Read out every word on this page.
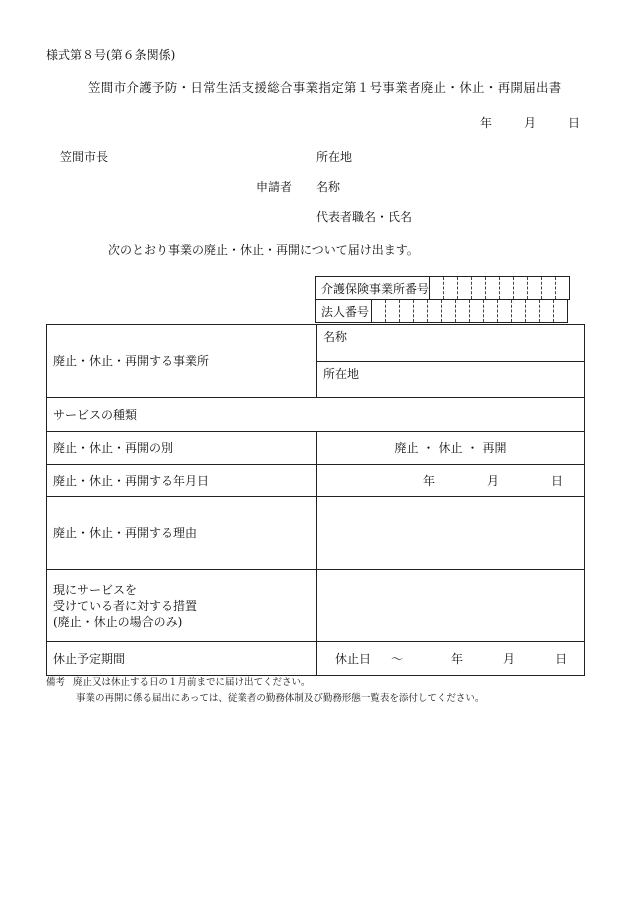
様式第８号(第６条関係)
笠間市介護予防・日常生活支援総合事業指定第１号事業者廃止・休止・再開届出書
年	月	日
笠間市長	所在地
申請者 名称
代表者職名・氏名
次のとおり事業の廃止・休止・再開について届け出ます。
介護保険事業所番号										
法人番号														
廃止・休止・再開する事業所	名称
所在地

サービスの種類	
廃止・休止・再開の別	廃止 ・ 休止 ・ 再開
廃止・休止・再開する年月日	年 月 日
廃止・休止・再開する理由	

現にサービスを
受けている者に対する措置
(廃止・休止の場合のみ)	

休止予定期間	休止日 〜 年 月 日
備考 廃止又は休止する日の１月前までに届け出てください。
事業の再開に係る届出にあっては、従業者の勤務体制及び勤務形態一覧表を添付してください。
